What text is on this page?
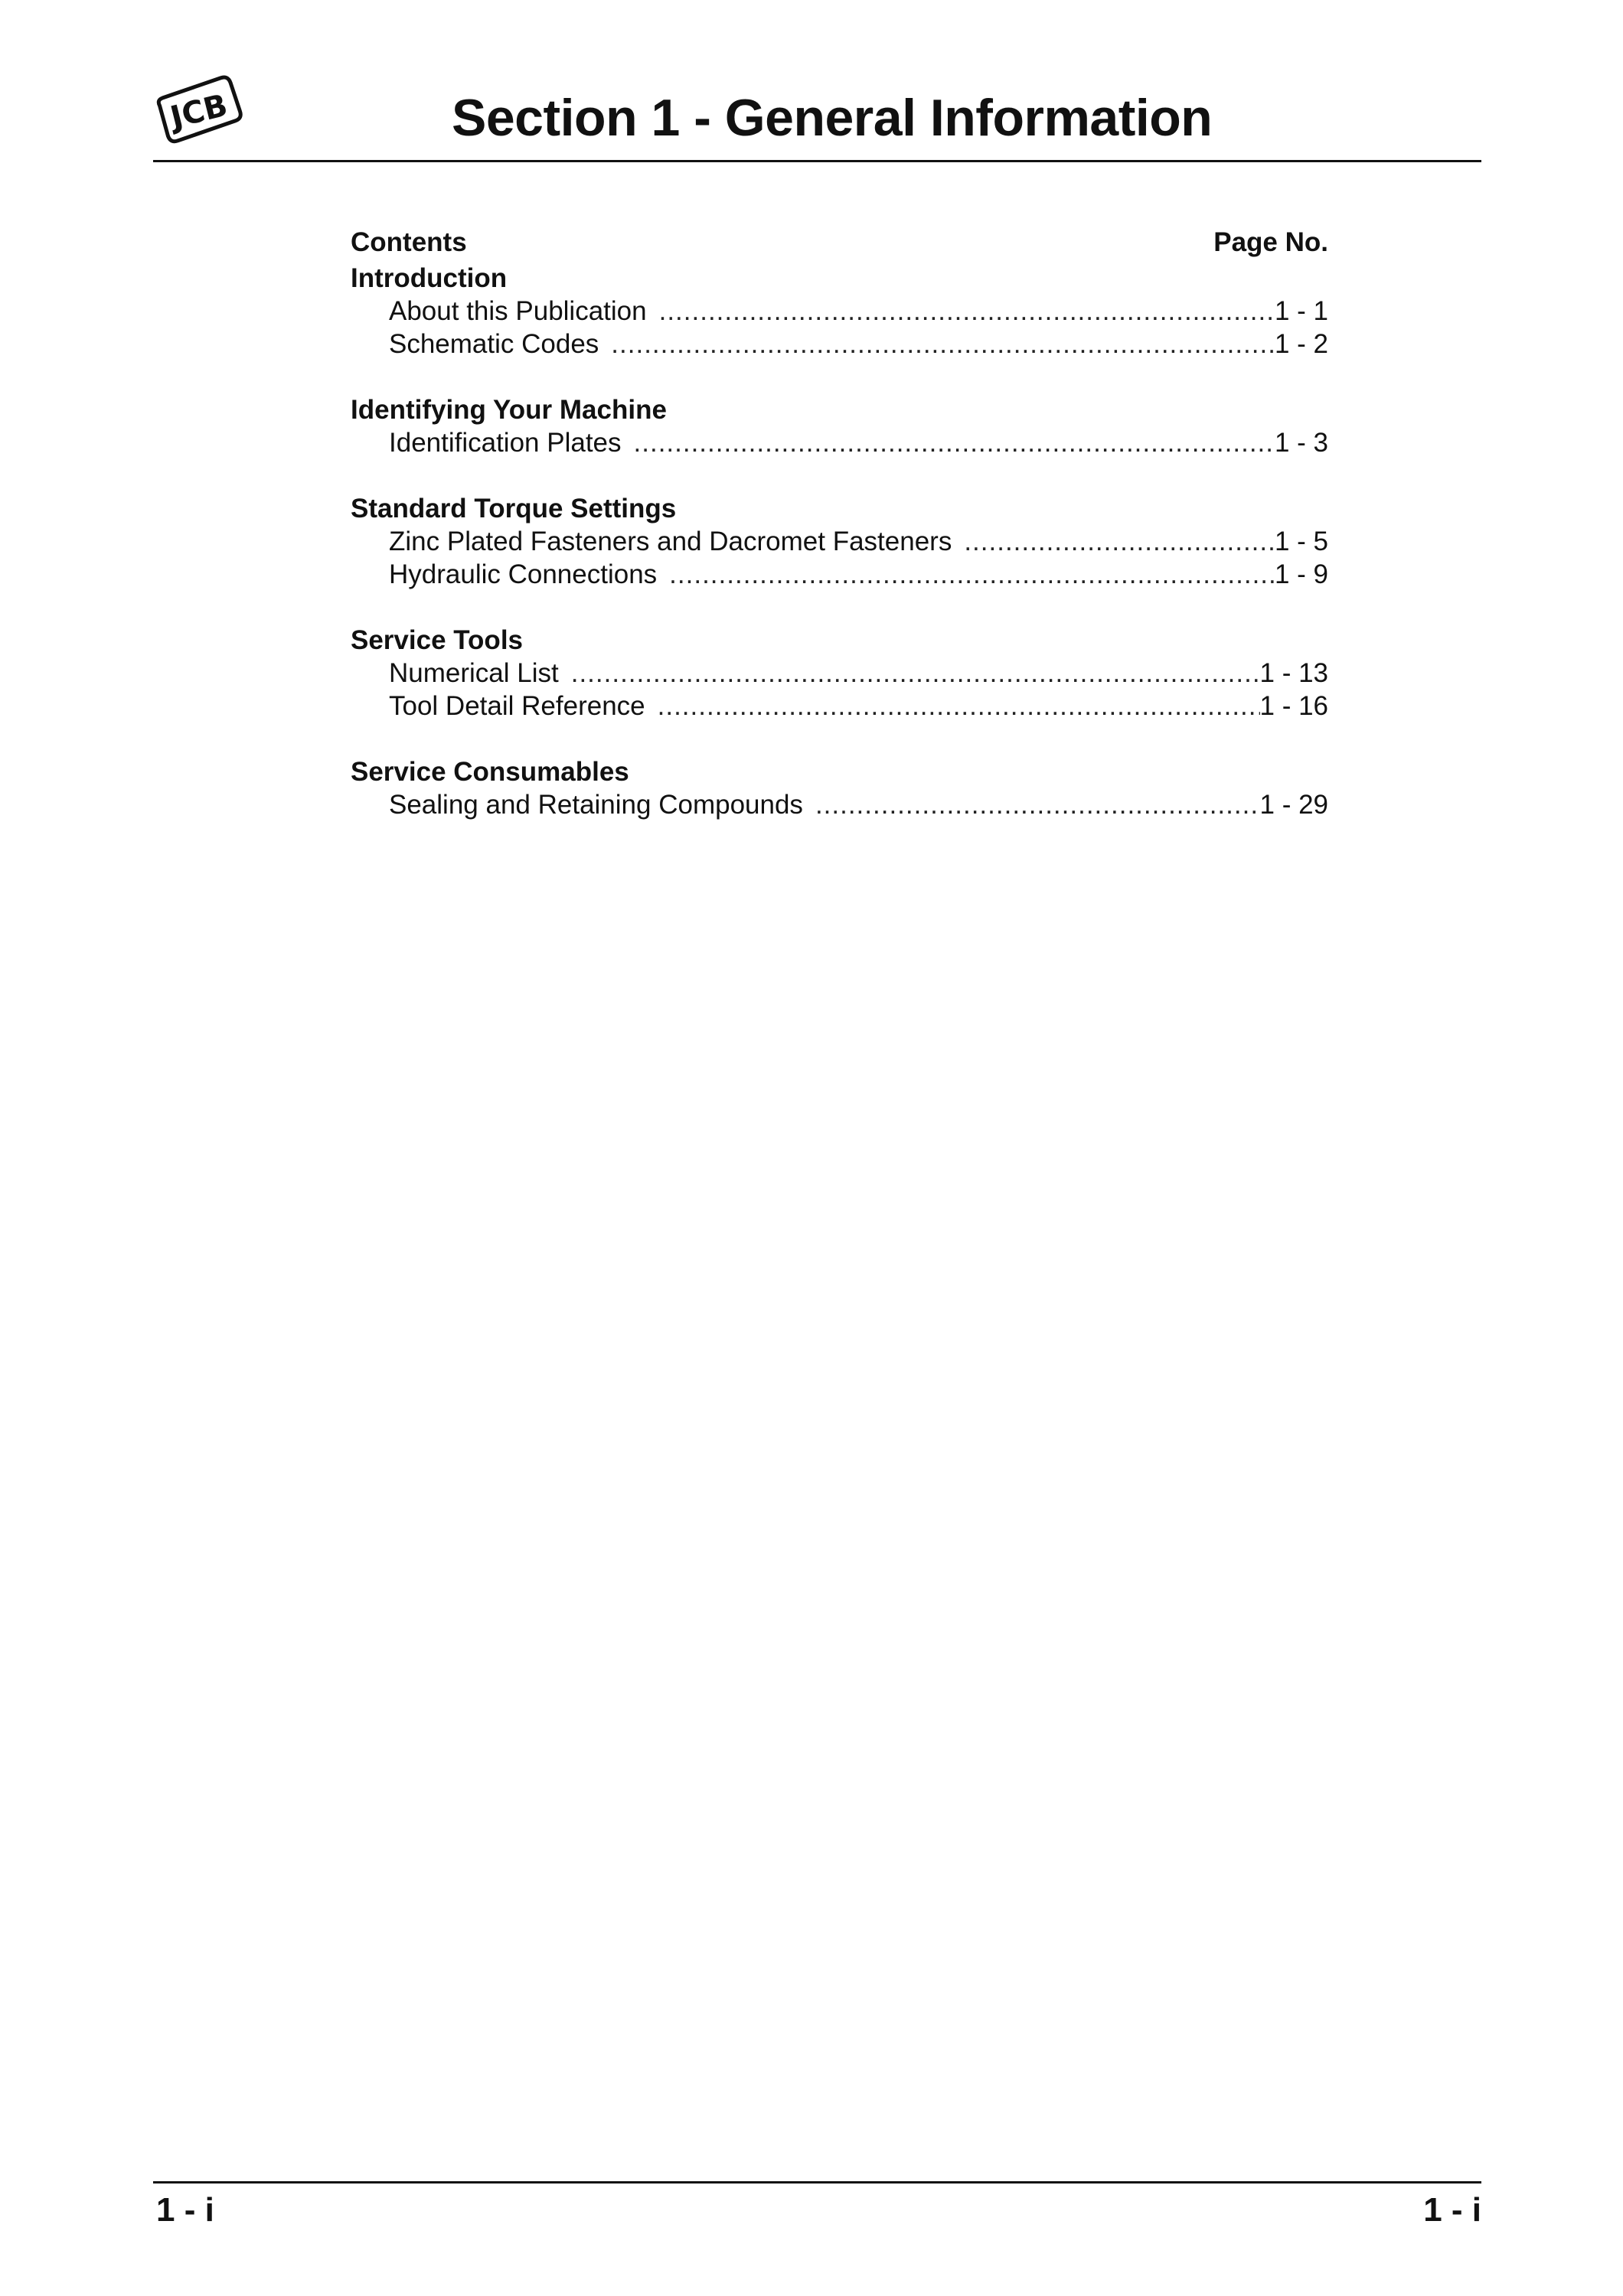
JCB	Section 1 - General Information
Contents	Page No.
Introduction
About this Publication .....	1 - 1
Schematic Codes .....	1 - 2
Identifying Your Machine
Identification Plates .....	1 - 3
Standard Torque Settings
Zinc Plated Fasteners and Dacromet Fasteners .....	1 - 5
Hydraulic Connections .....	1 - 9
Service Tools
Numerical List .....	1 - 13
Tool Detail Reference .....	1 - 16
Service Consumables
Sealing and Retaining Compounds .....	1 - 29
1 - i	1 - i
